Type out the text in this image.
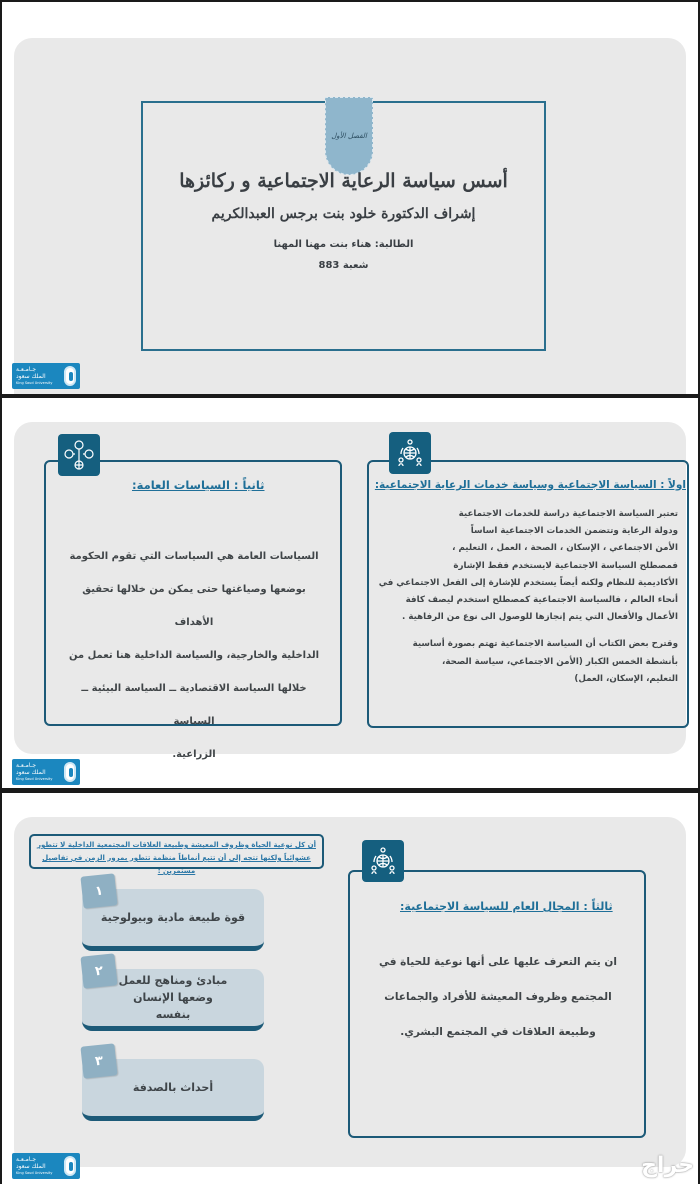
الفصل الأول
أسس سياسة الرعاية الاجتماعية و ركائزها
إشراف الدكتورة خلود بنت برجس العبدالكريم
الطالبة: هناء بنت مهنا المهنا
شعبة 883
جـامـعـة
الملك سعود
King Saud University
اولاً : السياسة الاجتماعية وسياسة خدمات الرعاية الاجتماعية:
تعتبر السياسة الاجتماعية دراسة للخدمات الاجتماعية
ودولة الرعاية وتتضمن الخدمات الاجتماعية اساساً
الأمن الاجتماعي ، الإسكان ، الصحة ، العمل ، التعليم ،
فمصطلح السياسة الاجتماعية لايستخدم فقط الإشارة
الأكاديمية للنظام ولكنه أيضاً يستخدم للإشارة إلى الفعل الاجتماعي في
أنحاء العالم ، فالسياسة الاجتماعية كمصطلح استخدم ليصف كافة
الأعمال والأفعال التي يتم إنجازها للوصول الى نوع من الرفاهية .
وقترح بعض الكتاب أن السياسة الاجتماعية تهتم بصورة أساسية
بأنشطة الخمس الكبار (الأمن الاجتماعي، سياسة الصحة،
التعليم، الإسكان، العمل)
ثانياً : السياسات العامة:
السياسات العامة هي السياسات التي تقوم الحكومة
بوضعها وصياغتها حتى يمكن من خلالها تحقيق الأهداف
الداخلية والخارجية، والسياسة الداخلية هنا تعمل من
خلالها السياسة الاقتصادية ــ السياسة البيئية ــ السياسة
الزراعية.
جـامـعـة
الملك سعود
King Saud University
أن كل نوعية الحياة وظروف المعيشة وطبيعة العلاقات المجتمعية الداخلية لا تتطور عشوائياً ولكنها تتجه إلى أن تتبع أنماطاً منظمة تتطور بمرور الزمن في تفاصيل مستمرين :
قوة طبيعة مادية وبيولوجية
١
مبادئ ومناهج للعمل وضعها الإنسان بنفسه
٢
أحداث بالصدفة
٣
ثالثاً : المجال العام للسياسة الاجتماعية:
ان يتم التعرف عليها على أنها نوعية للحياة في
المجتمع وظروف المعيشة للأفراد والجماعات
وطبيعة العلاقات في المجتمع البشري.
جـامـعـة
الملك سعود
King Saud University	حراج
